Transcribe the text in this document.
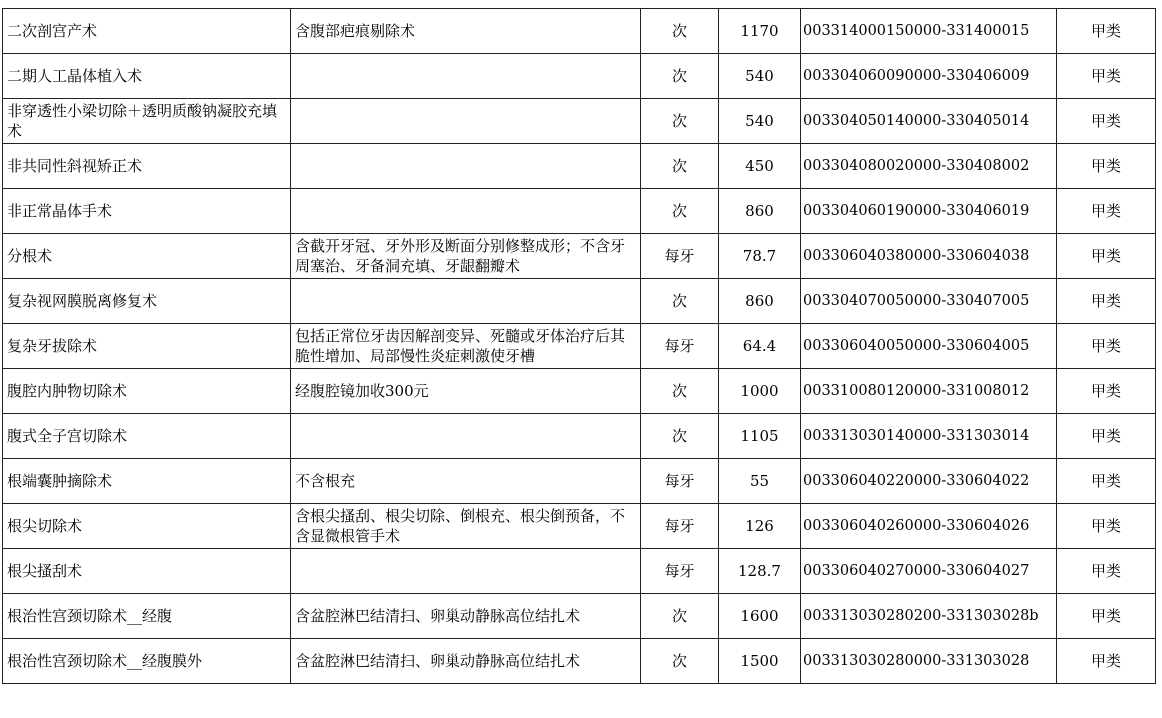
二次剖宫产术	含腹部疤痕剔除术	次	1170	003314000150000-331400015	甲类
二期人工晶体植入术		次	540	003304060090000-330406009	甲类
非穿透性小梁切除＋透明质酸钠凝胶充填术		次	540	003304050140000-330405014	甲类
非共同性斜视矫正术		次	450	003304080020000-330408002	甲类
非正常晶体手术		次	860	003304060190000-330406019	甲类
分根术	含截开牙冠、牙外形及断面分别修整成形；不含牙周塞治、牙备洞充填、牙龈翻瓣术	每牙	78.7	003306040380000-330604038	甲类
复杂视网膜脱离修复术		次	860	003304070050000-330407005	甲类
复杂牙拔除术	包括正常位牙齿因解剖变异、死髓或牙体治疗后其脆性增加、局部慢性炎症刺激使牙槽	每牙	64.4	003306040050000-330604005	甲类
腹腔内肿物切除术	经腹腔镜加收300元	次	1000	003310080120000-331008012	甲类
腹式全子宫切除术		次	1105	003313030140000-331303014	甲类
根端囊肿摘除术	不含根充	每牙	55	003306040220000-330604022	甲类
根尖切除术	含根尖搔刮、根尖切除、倒根充、根尖倒预备，不含显微根管手术	每牙	126	003306040260000-330604026	甲类
根尖搔刮术		每牙	128.7	003306040270000-330604027	甲类
根治性宫颈切除术__经腹	含盆腔淋巴结清扫、卵巢动静脉高位结扎术	次	1600	003313030280200-331303028b	甲类
根治性宫颈切除术__经腹膜外	含盆腔淋巴结清扫、卵巢动静脉高位结扎术	次	1500	003313030280000-331303028	甲类
